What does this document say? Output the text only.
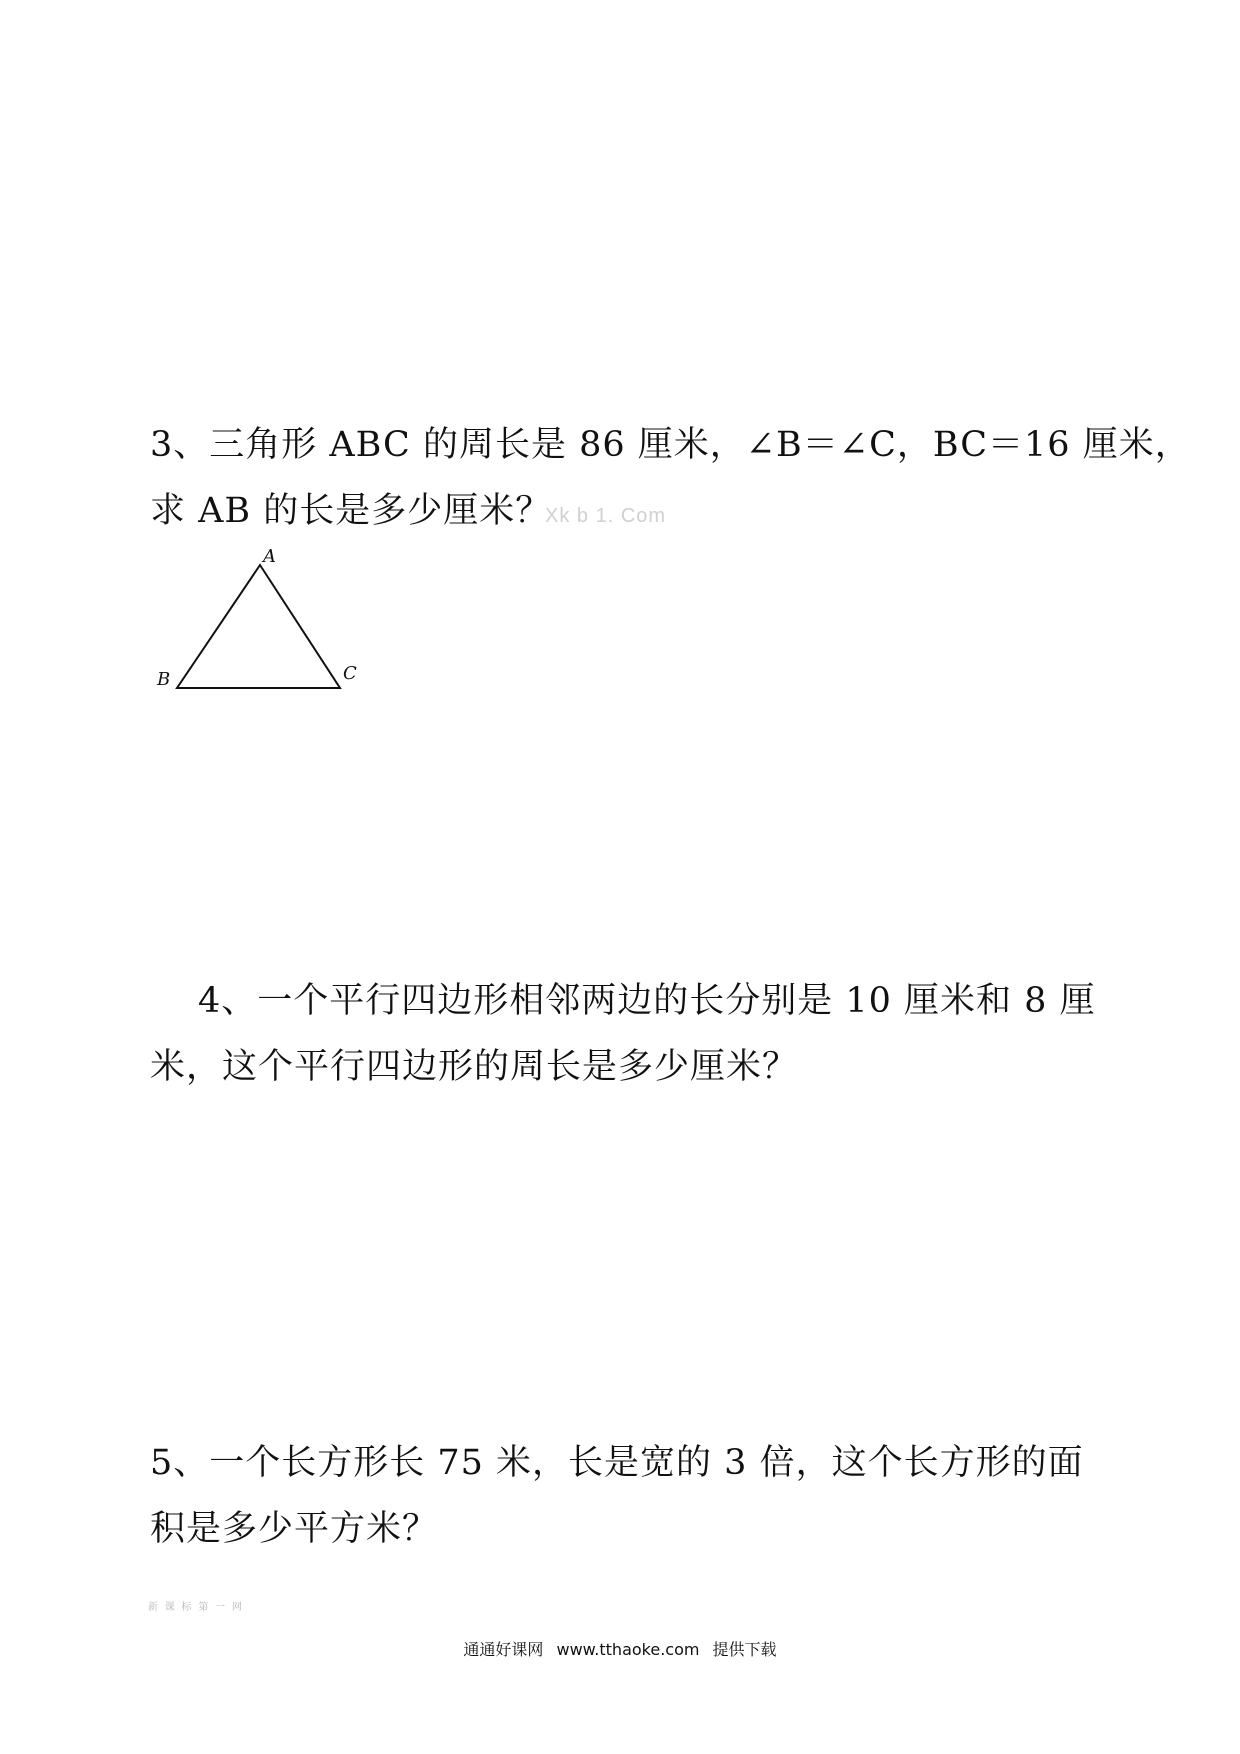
3、三角形 ABC 的周长是 86 厘米，∠B＝∠C，BC＝16 厘米，
求 AB 的长是多少厘米？
Xk b 1. Com
A
B	C
4、一个平行四边形相邻两边的长分别是 10 厘米和 8 厘
米，这个平行四边形的周长是多少厘米？
5、一个长方形长 75 米，长是宽的 3 倍，这个长方形的面
积是多少平方米？
新 课 标 第 一 网
通通好课网 www.tthaoke.com 提供下载
